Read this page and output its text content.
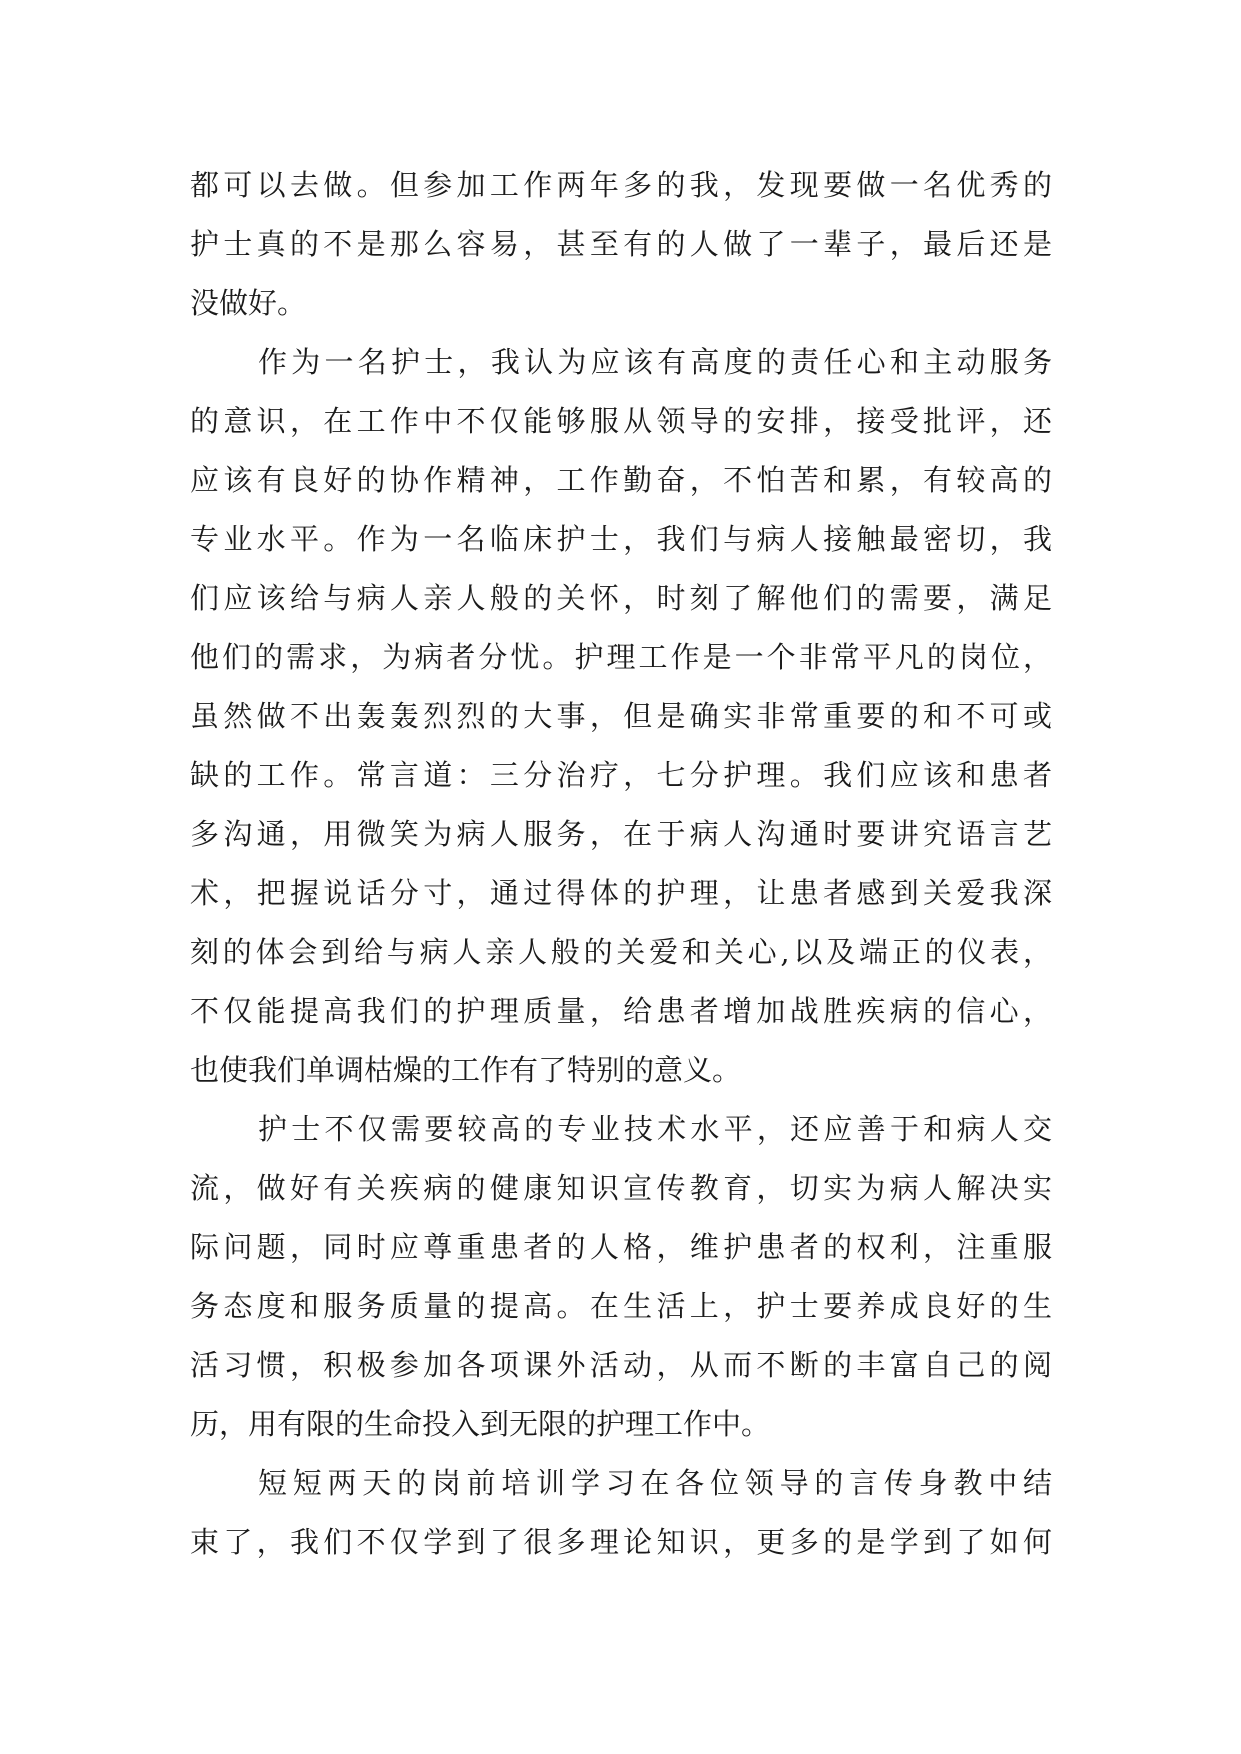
都可以去做。但参加工作两年多的我，发现要做一名优秀的
护士真的不是那么容易，甚至有的人做了一辈子，最后还是
没做好。
作为一名护士，我认为应该有高度的责任心和主动服务
的意识，在工作中不仅能够服从领导的安排，接受批评，还
应该有良好的协作精神，工作勤奋，不怕苦和累，有较高的
专业水平。作为一名临床护士，我们与病人接触最密切，我
们应该给与病人亲人般的关怀，时刻了解他们的需要，满足
他们的需求，为病者分忧。护理工作是一个非常平凡的岗位，
虽然做不出轰轰烈烈的大事，但是确实非常重要的和不可或
缺的工作。常言道：三分治疗，七分护理。我们应该和患者
多沟通，用微笑为病人服务，在于病人沟通时要讲究语言艺
术，把握说话分寸，通过得体的护理，让患者感到关爱我深
刻的体会到给与病人亲人般的关爱和关心,以及端正的仪表，
不仅能提高我们的护理质量，给患者增加战胜疾病的信心，
也使我们单调枯燥的工作有了特别的意义。
护士不仅需要较高的专业技术水平，还应善于和病人交
流，做好有关疾病的健康知识宣传教育，切实为病人解决实
际问题，同时应尊重患者的人格，维护患者的权利，注重服
务态度和服务质量的提高。在生活上，护士要养成良好的生
活习惯，积极参加各项课外活动，从而不断的丰富自己的阅
历，用有限的生命投入到无限的护理工作中。
短短两天的岗前培训学习在各位领导的言传身教中结
束了，我们不仅学到了很多理论知识，更多的是学到了如何
